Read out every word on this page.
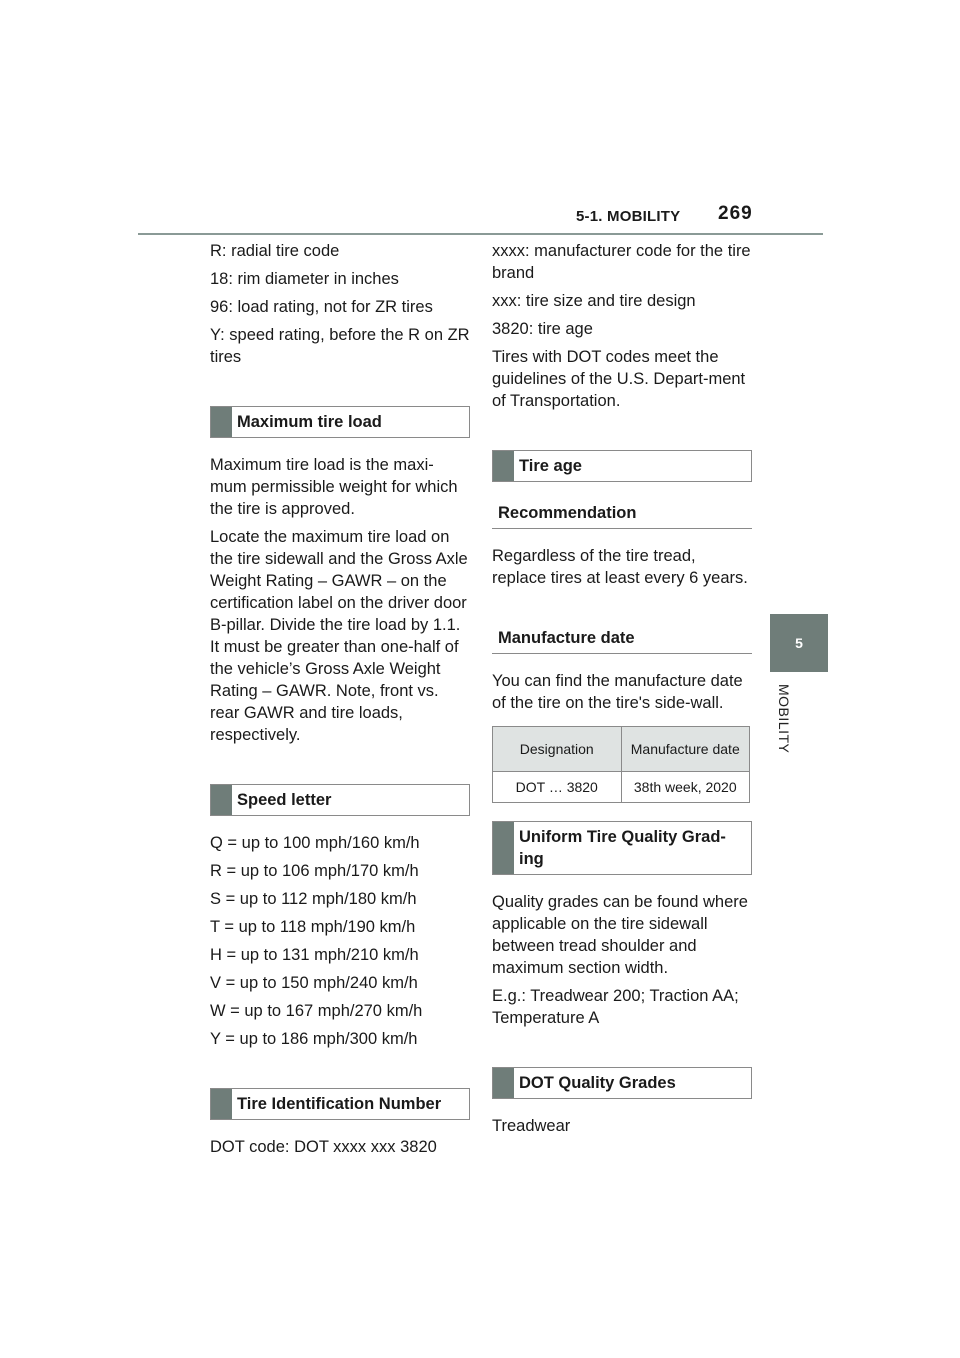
5-1. MOBILITY 269
5
MOBILITY
R: radial tire code
18: rim diameter in inches
96: load rating, not for ZR tires
Y: speed rating, before the R on ZR tires
Maximum tire load
Maximum tire load is the maxi-mum permissible weight for which the tire is approved.
Locate the maximum tire load on the tire sidewall and the Gross Axle Weight Rating – GAWR – on the certification label on the driver door B-pillar. Divide the tire load by 1.1. It must be greater than one-half of the vehicle’s Gross Axle Weight Rating – GAWR. Note, front vs. rear GAWR and tire loads, respectively.
Speed letter
Q = up to 100 mph/160 km/h
R = up to 106 mph/170 km/h
S = up to 112 mph/180 km/h
T = up to 118 mph/190 km/h
H = up to 131 mph/210 km/h
V = up to 150 mph/240 km/h
W = up to 167 mph/270 km/h
Y = up to 186 mph/300 km/h
Tire Identification Number
DOT code: DOT xxxx xxx 3820
xxxx: manufacturer code for the tire brand
xxx: tire size and tire design
3820: tire age
Tires with DOT codes meet the guidelines of the U.S. Depart-ment of Transportation.
Tire age
Recommendation
Regardless of the tire tread, replace tires at least every 6 years.
Manufacture date
You can find the manufacture date of the tire on the tire's side-wall.
Designation	Manufacture date
DOT … 3820	38th week, 2020
Uniform Tire Quality Grad-ing
Quality grades can be found where applicable on the tire sidewall between tread shoulder and maximum section width.
E.g.: Treadwear 200; Traction AA; Temperature A
DOT Quality Grades
Treadwear
